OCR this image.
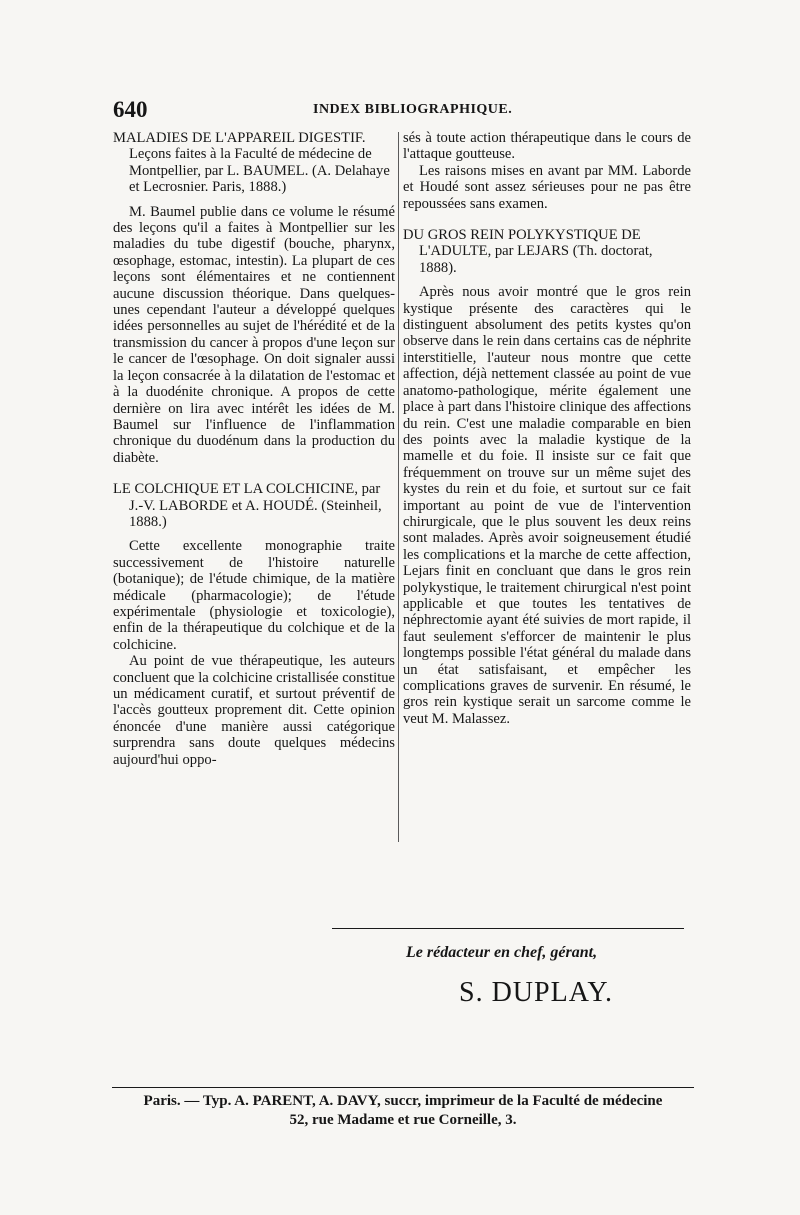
640	INDEX BIBLIOGRAPHIQUE.

MALADIES DE L'APPAREIL DIGESTIF. Leçons faites à la Faculté de médecine de Montpellier, par L. BAUMEL. (A. Delahaye et Lecrosnier. Paris, 1888.)

M. Baumel publie dans ce volume le résumé des leçons qu'il a faites à Montpellier sur les maladies du tube digestif (bouche, pharynx, œsophage, estomac, intestin). La plupart de ces leçons sont élémentaires et ne contiennent aucune discussion théorique. Dans quelques-unes cependant l'auteur a développé quelques idées personnelles au sujet de l'hérédité et de la transmission du cancer à propos d'une leçon sur le cancer de l'œsophage. On doit signaler aussi la leçon consacrée à la dilatation de l'estomac et à la duodénite chronique. A propos de cette dernière on lira avec intérêt les idées de M. Baumel sur l'influence de l'inflammation chronique du duodénum dans la production du diabète.

LE COLCHIQUE ET LA COLCHICINE, par J.-V. LABORDE et A. HOUDÉ. (Steinheil, 1888.)

Cette excellente monographie traite successivement de l'histoire naturelle (botanique); de l'étude chimique, de la matière médicale (pharmacologie); de l'étude expérimentale (physiologie et toxicologie), enfin de la thérapeutique du colchique et de la colchicine.

Au point de vue thérapeutique, les auteurs concluent que la colchicine cristallisée constitue un médicament curatif, et surtout préventif de l'accès goutteux proprement dit. Cette opinion énoncée d'une manière aussi catégorique surprendra sans doute quelques médecins aujourd'hui oppo-

sés à toute action thérapeutique dans le cours de l'attaque goutteuse.

Les raisons mises en avant par MM. Laborde et Houdé sont assez sérieuses pour ne pas être repoussées sans examen.

DU GROS REIN POLYKYSTIQUE DE L'ADULTE, par LEJARS (Th. doctorat, 1888).

Après nous avoir montré que le gros rein kystique présente des caractères qui le distinguent absolument des petits kystes qu'on observe dans le rein dans certains cas de néphrite interstitielle, l'auteur nous montre que cette affection, déjà nettement classée au point de vue anatomo-pathologique, mérite également une place à part dans l'histoire clinique des affections du rein. C'est une maladie comparable en bien des points avec la maladie kystique de la mamelle et du foie. Il insiste sur ce fait que fréquemment on trouve sur un même sujet des kystes du rein et du foie, et surtout sur ce fait important au point de vue de l'intervention chirurgicale, que le plus souvent les deux reins sont malades. Après avoir soigneusement étudié les complications et la marche de cette affection, Lejars finit en concluant que dans le gros rein polykystique, le traitement chirurgical n'est point applicable et que toutes les tentatives de néphrectomie ayant été suivies de mort rapide, il faut seulement s'efforcer de maintenir le plus longtemps possible l'état général du malade dans un état satisfaisant, et empêcher les complications graves de survenir. En résumé, le gros rein kystique serait un sarcome comme le veut M. Malassez.

Le rédacteur en chef, gérant,
S. DUPLAY.
Paris. — Typ. A. PARENT, A. DAVY, succr, imprimeur de la Faculté de médecine
52, rue Madame et rue Corneille, 3.
